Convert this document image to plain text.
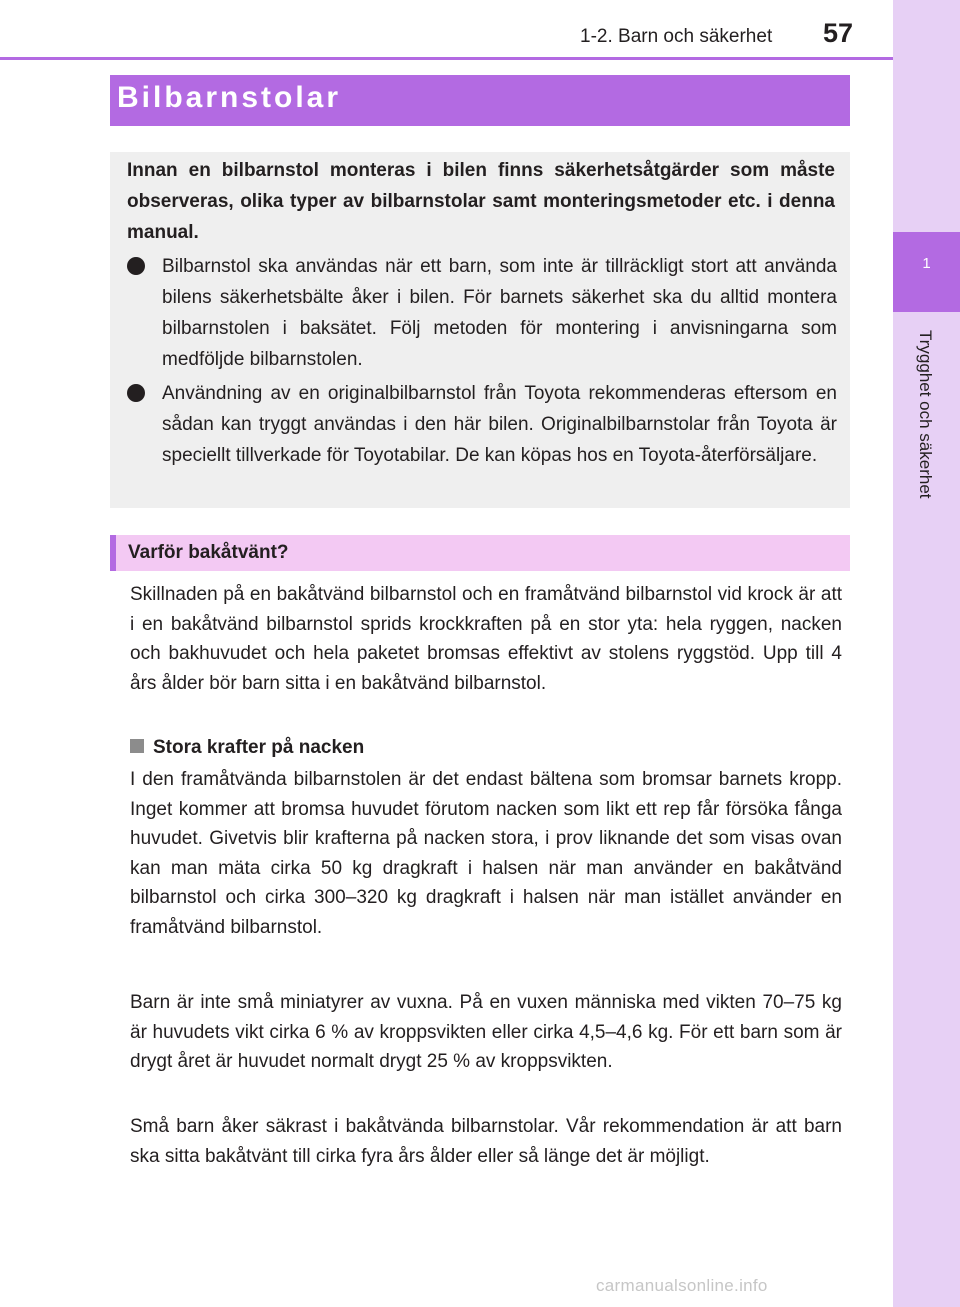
1
Trygghet och säkerhet
1-2. Barn och säkerhet 57
Bilbarnstolar
Innan en bilbarnstol monteras i bilen finns säkerhetsåtgärder som måste observeras, olika typer av bilbarnstolar samt monteringsmetoder etc. i denna manual.
Bilbarnstol ska användas när ett barn, som inte är tillräckligt stort att använda bilens säkerhetsbälte åker i bilen. För barnets säkerhet ska du alltid montera bilbarnstolen i baksätet. Följ metoden för montering i anvisningarna som medföljde bilbarnstolen.
Användning av en originalbilbarnstol från Toyota rekommenderas eftersom en sådan kan tryggt användas i den här bilen. Originalbilbarnstolar från Toyota är speciellt tillverkade för Toyotabilar. De kan köpas hos en Toyota-återförsäljare.
Varför bakåtvänt?
Skillnaden på en bakåtvänd bilbarnstol och en framåtvänd bilbarnstol vid krock är att i en bakåtvänd bilbarnstol sprids krockkraften på en stor yta: hela ryggen, nacken och bakhuvudet och hela paketet bromsas effektivt av stolens ryggstöd. Upp till 4 års ålder bör barn sitta i en bakåtvänd bilbarnstol.
Stora krafter på nacken
I den framåtvända bilbarnstolen är det endast bältena som bromsar barnets kropp. Inget kommer att bromsa huvudet förutom nacken som likt ett rep får försöka fånga huvudet. Givetvis blir krafterna på nacken stora, i prov liknande det som visas ovan kan man mäta cirka 50 kg dragkraft i halsen när man använder en bakåtvänd bilbarnstol och cirka 300–320 kg dragkraft i halsen när man istället använder en framåtvänd bilbarnstol.
Barn är inte små miniatyrer av vuxna. På en vuxen människa med vikten 70–75 kg är huvudets vikt cirka 6 % av kroppsvikten eller cirka 4,5–4,6 kg. För ett barn som är drygt året är huvudet normalt drygt 25 % av kroppsvikten.
Små barn åker säkrast i bakåtvända bilbarnstolar. Vår rekommendation är att barn ska sitta bakåtvänt till cirka fyra års ålder eller så länge det är möjligt.
carmanualsonline.info
